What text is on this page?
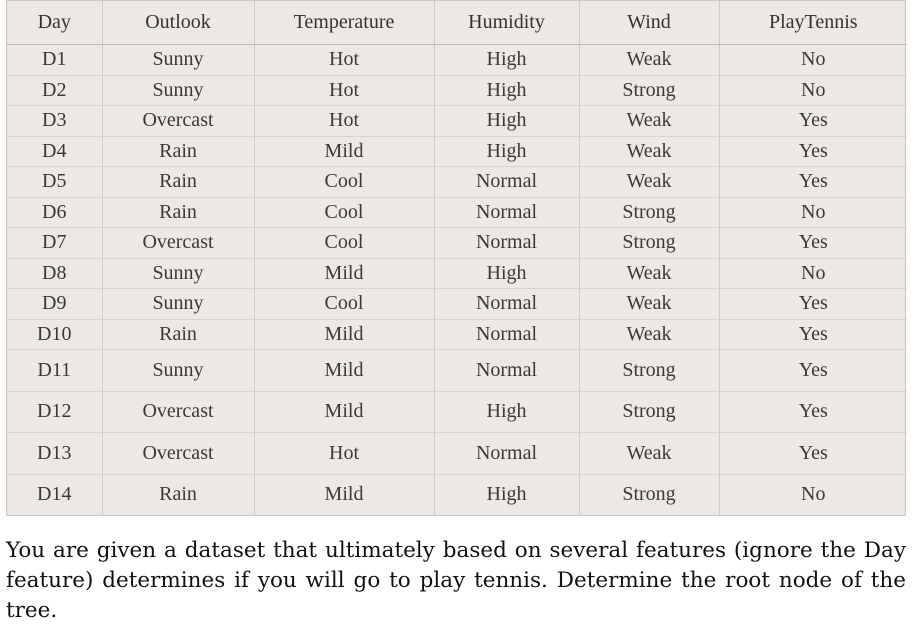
Day	Outlook	Temperature	Humidity	Wind	PlayTennis
D1	Sunny	Hot	High	Weak	No
D2	Sunny	Hot	High	Strong	No
D3	Overcast	Hot	High	Weak	Yes
D4	Rain	Mild	High	Weak	Yes
D5	Rain	Cool	Normal	Weak	Yes
D6	Rain	Cool	Normal	Strong	No
D7	Overcast	Cool	Normal	Strong	Yes
D8	Sunny	Mild	High	Weak	No
D9	Sunny	Cool	Normal	Weak	Yes
D10	Rain	Mild	Normal	Weak	Yes
D11	Sunny	Mild	Normal	Strong	Yes
D12	Overcast	Mild	High	Strong	Yes
D13	Overcast	Hot	Normal	Weak	Yes
D14	Rain	Mild	High	Strong	No

You are given a dataset that ultimately based on several features (ignore the Day feature) determines if you will go to play tennis. Determine the root node of the tree.
